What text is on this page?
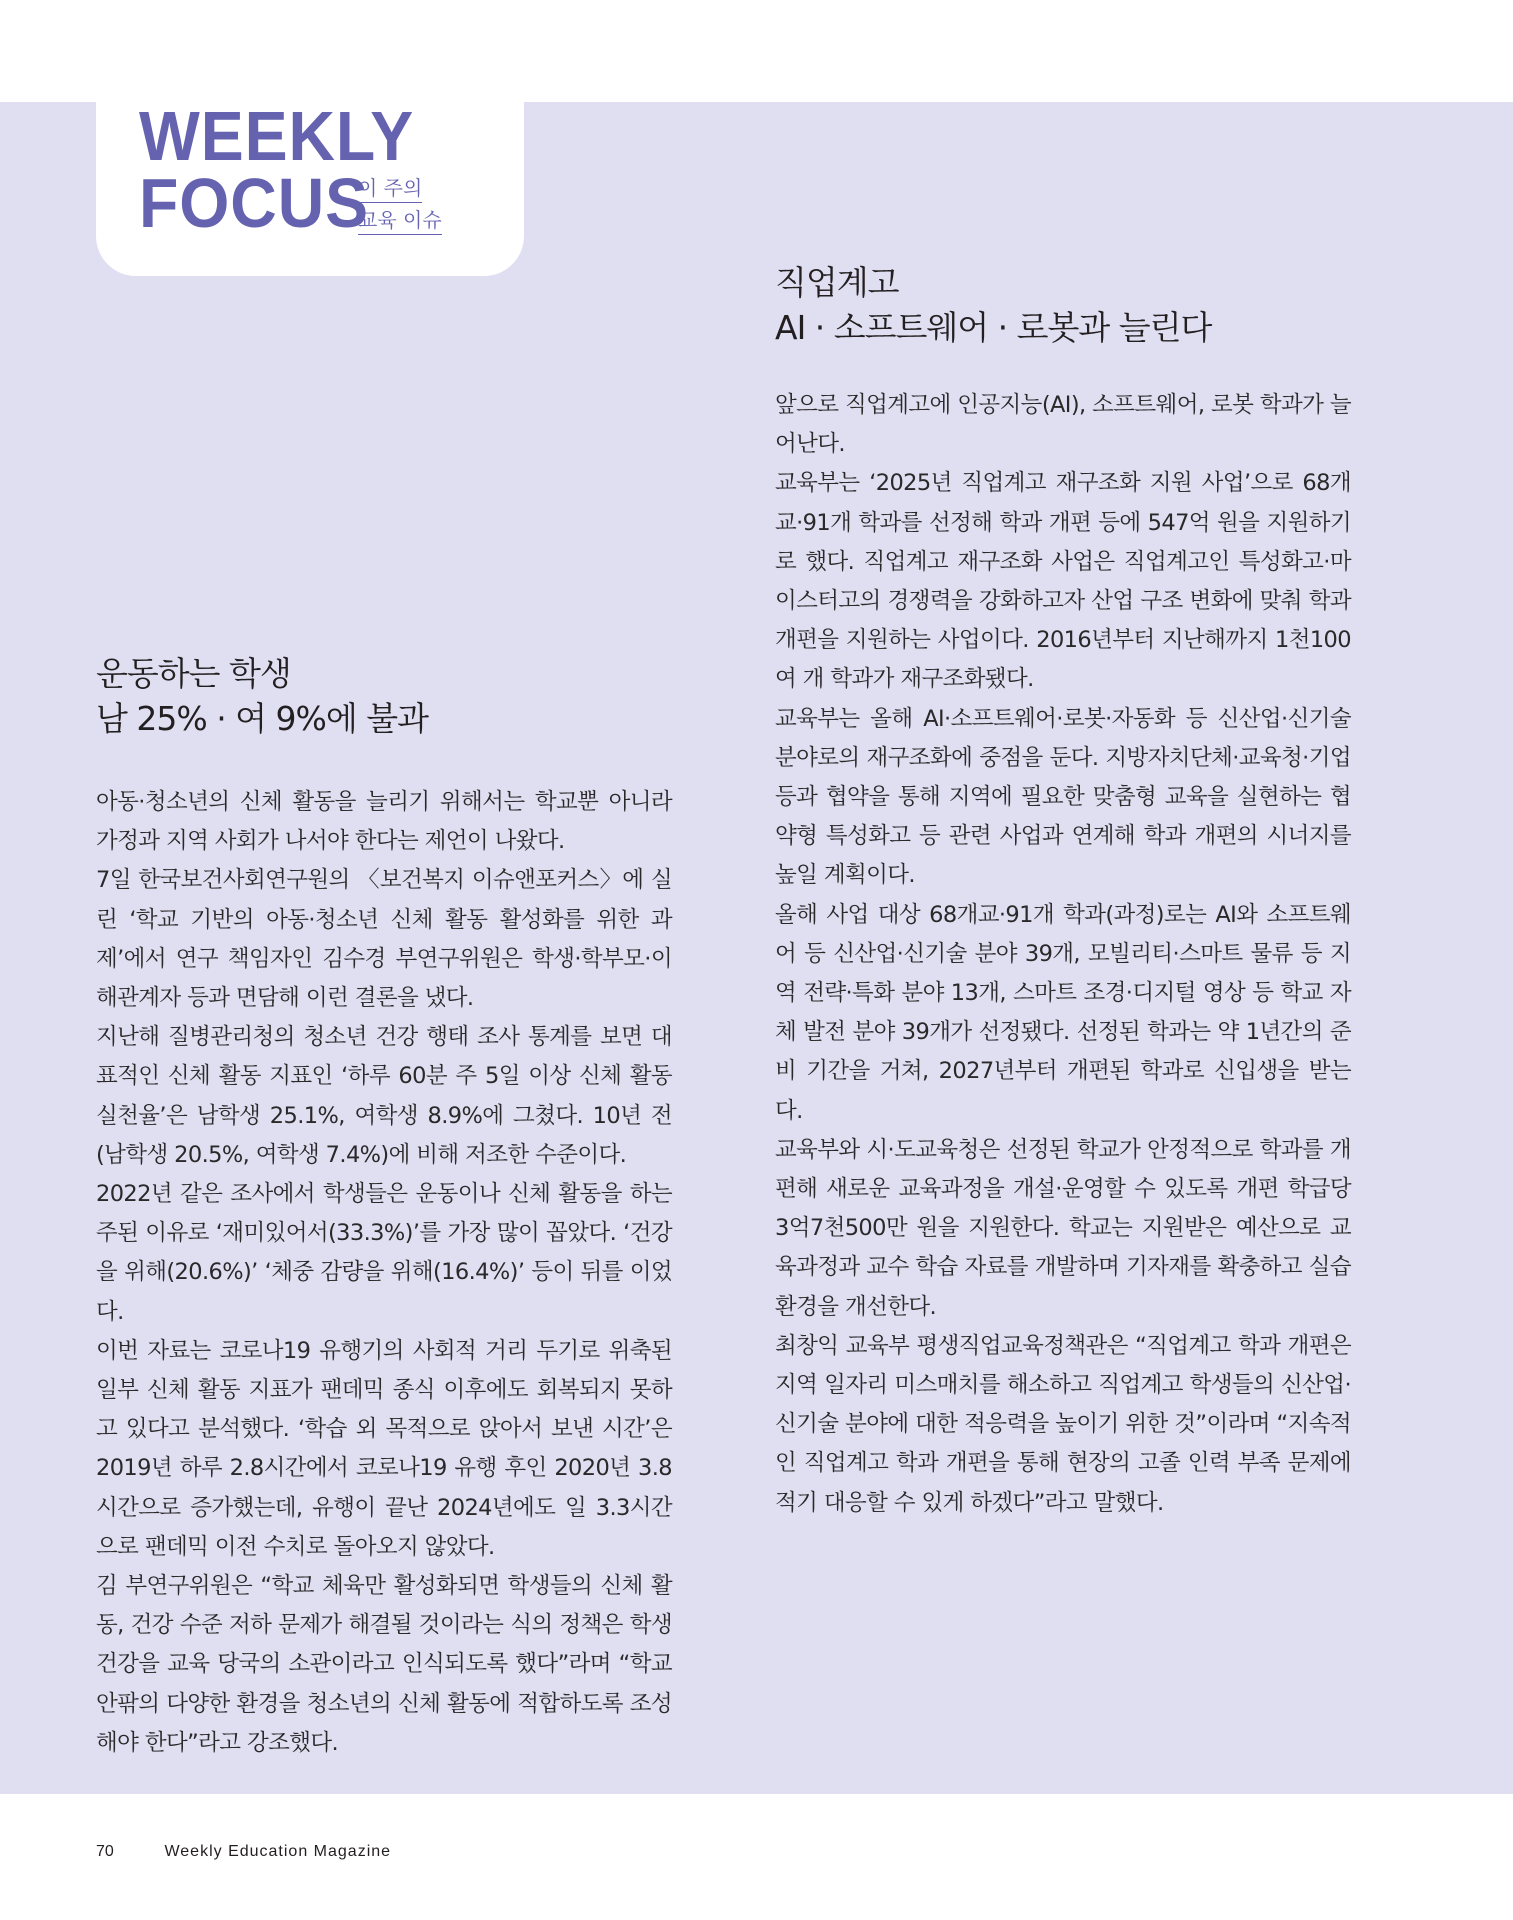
WEEKLY
FOCUS
이 주의
교육 이슈
직업계고
AI · 소프트웨어 · 로봇과 늘린다

앞으로 직업계고에 인공지능(AI), 소프트웨어, 로봇 학과가 늘어난다.

교육부는 ‘2025년 직업계고 재구조화 지원 사업’으로 68개교·91개 학과를 선정해 학과 개편 등에 547억 원을 지원하기로 했다. 직업계고 재구조화 사업은 직업계고인 특성화고·마이스터고의 경쟁력을 강화하고자 산업 구조 변화에 맞춰 학과 개편을 지원하는 사업이다. 2016년부터 지난해까지 1천100여 개 학과가 재구조화됐다.

교육부는 올해 AI·소프트웨어·로봇·자동화 등 신산업·신기술 분야로의 재구조화에 중점을 둔다. 지방자치단체·교육청·기업 등과 협약을 통해 지역에 필요한 맞춤형 교육을 실현하는 협약형 특성화고 등 관련 사업과 연계해 학과 개편의 시너지를 높일 계획이다.

올해 사업 대상 68개교·91개 학과(과정)로는 AI와 소프트웨어 등 신산업·신기술 분야 39개, 모빌리티·스마트 물류 등 지역 전략·특화 분야 13개, 스마트 조경·디지털 영상 등 학교 자체 발전 분야 39개가 선정됐다. 선정된 학과는 약 1년간의 준비 기간을 거쳐, 2027년부터 개편된 학과로 신입생을 받는다.

교육부와 시·도교육청은 선정된 학교가 안정적으로 학과를 개편해 새로운 교육과정을 개설·운영할 수 있도록 개편 학급당 3억7천500만 원을 지원한다. 학교는 지원받은 예산으로 교육과정과 교수 학습 자료를 개발하며 기자재를 확충하고 실습 환경을 개선한다.

최창익 교육부 평생직업교육정책관은 “직업계고 학과 개편은 지역 일자리 미스매치를 해소하고 직업계고 학생들의 신산업·신기술 분야에 대한 적응력을 높이기 위한 것”이라며 “지속적인 직업계고 학과 개편을 통해 현장의 고졸 인력 부족 문제에 적기 대응할 수 있게 하겠다”라고 말했다.

운동하는 학생
남 25% · 여 9%에 불과

아동·청소년의 신체 활동을 늘리기 위해서는 학교뿐 아니라 가정과 지역 사회가 나서야 한다는 제언이 나왔다.

7일 한국보건사회연구원의 〈보건복지 이슈앤포커스〉에 실린 ‘학교 기반의 아동·청소년 신체 활동 활성화를 위한 과제’에서 연구 책임자인 김수경 부연구위원은 학생·학부모·이해관계자 등과 면담해 이런 결론을 냈다.

지난해 질병관리청의 청소년 건강 행태 조사 통계를 보면 대표적인 신체 활동 지표인 ‘하루 60분 주 5일 이상 신체 활동 실천율’은 남학생 25.1%, 여학생 8.9%에 그쳤다. 10년 전(남학생 20.5%, 여학생 7.4%)에 비해 저조한 수준이다.

2022년 같은 조사에서 학생들은 운동이나 신체 활동을 하는 주된 이유로 ‘재미있어서(33.3%)’를 가장 많이 꼽았다. ‘건강을 위해(20.6%)’ ‘체중 감량을 위해(16.4%)’ 등이 뒤를 이었다.

이번 자료는 코로나19 유행기의 사회적 거리 두기로 위축된 일부 신체 활동 지표가 팬데믹 종식 이후에도 회복되지 못하고 있다고 분석했다. ‘학습 외 목적으로 앉아서 보낸 시간’은 2019년 하루 2.8시간에서 코로나19 유행 후인 2020년 3.8시간으로 증가했는데, 유행이 끝난 2024년에도 일 3.3시간으로 팬데믹 이전 수치로 돌아오지 않았다.

김 부연구위원은 “학교 체육만 활성화되면 학생들의 신체 활동, 건강 수준 저하 문제가 해결될 것이라는 식의 정책은 학생 건강을 교육 당국의 소관이라고 인식되도록 했다”라며 “학교 안팎의 다양한 환경을 청소년의 신체 활동에 적합하도록 조성해야 한다”라고 강조했다.

70	Weekly Education Magazine
